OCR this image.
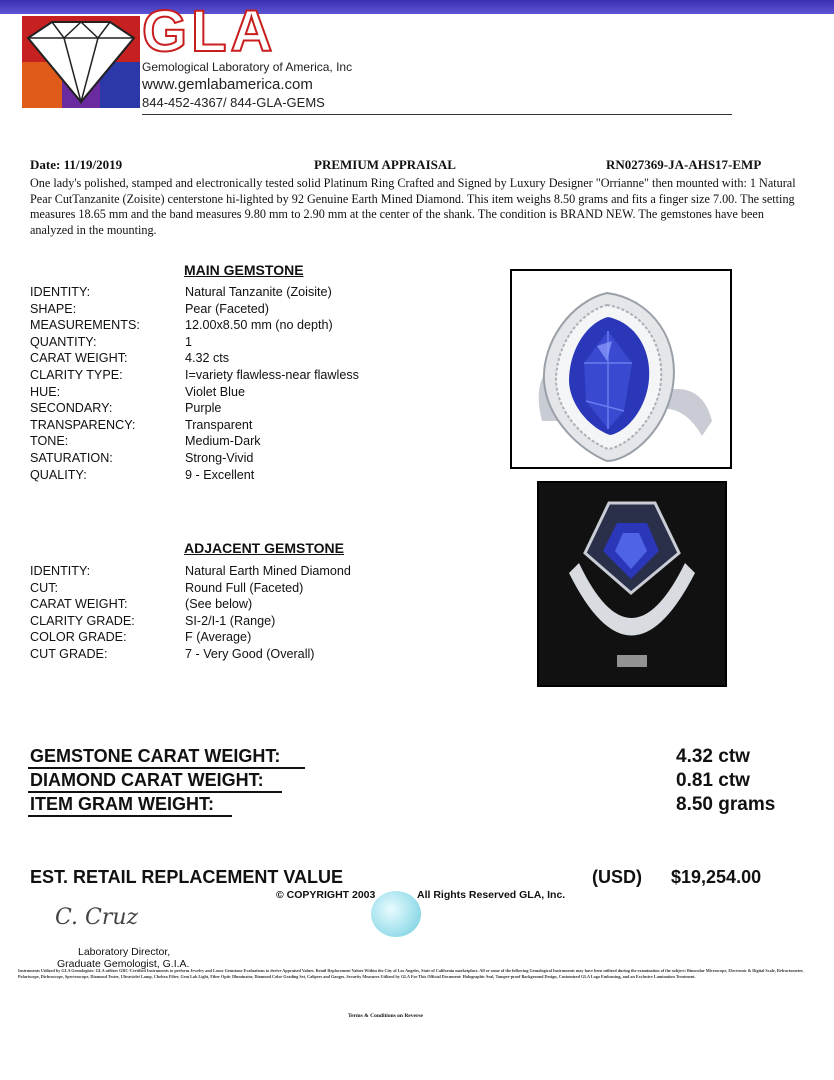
GLA
Gemological Laboratory of America, Inc
www.gemlabamerica.com
844-452-4367/ 844-GLA-GEMS
Date: 11/19/2019	PREMIUM APPRAISAL	RN027369-JA-AHS17-EMP
One lady's polished, stamped and electronically tested solid Platinum Ring Crafted and Signed by Luxury Designer "Orrianne" then mounted with: 1 Natural Pear CutTanzanite (Zoisite) centerstone hi-lighted by 92 Genuine Earth Mined Diamond. This item weighs 8.50 grams and fits a finger size 7.00. The setting measures 18.65 mm and the band measures 9.80 mm to 2.90 mm at the center of the shank. The condition is BRAND NEW. The gemstones have been analyzed in the mounting.
MAIN GEMSTONE
IDENTITY:	Natural Tanzanite (Zoisite)
SHAPE:	Pear (Faceted)
MEASUREMENTS:	12.00x8.50 mm (no depth)
QUANTITY:	1
CARAT WEIGHT:	4.32 cts
CLARITY TYPE:	I=variety flawless-near flawless
HUE:	Violet Blue
SECONDARY:	Purple
TRANSPARENCY:	Transparent
TONE:	Medium-Dark
SATURATION:	Strong-Vivid
QUALITY:	9 - Excellent
ADJACENT GEMSTONE
IDENTITY:	Natural Earth Mined Diamond
CUT:	Round Full (Faceted)
CARAT WEIGHT:	(See below)
CLARITY GRADE:	SI-2/I-1 (Range)
COLOR GRADE:	F (Average)
CUT GRADE:	7 - Very Good (Overall)
GEMSTONE CARAT WEIGHT:	4.32 ctw
DIAMOND CARAT WEIGHT:	0.81 ctw
ITEM GRAM WEIGHT:	8.50 grams
EST. RETAIL REPLACEMENT VALUE	(USD) $19,254.00
© COPYRIGHT 2003	All Rights Reserved GLA, Inc.
C. Cruz
Laboratory Director,
Graduate Gemologist, G.I.A.
Instruments Utilized by GLA Gemologists: GLA utilizes GRC-Certified Instruments to perform Jewelry and Loose Gemstone Evaluations to derive Appraised Values. Retail Replacement Values Within the City of Los Angeles, State of California marketplace. All or some of the following Gemological Instruments may have been utilized during the examination of the subject: Binocular Microscope, Electronic & Digital Scale, Refractometer, Polariscope, Dichroscope, Spectroscope, Diamond Tester, Ultraviolet Lamp, Chelsea Filter, Gem Lab Light, Fiber Optic Illuminator, Diamond Color Grading Set, Calipers and Gauges. Security Measures Utilized by GLA For This Official Document: Holographic Seal, Tamper-proof Background Design, Customized GLA Logo Embossing, and an Exclusive Lamination Treatment.
Terms & Conditions on Reverse
